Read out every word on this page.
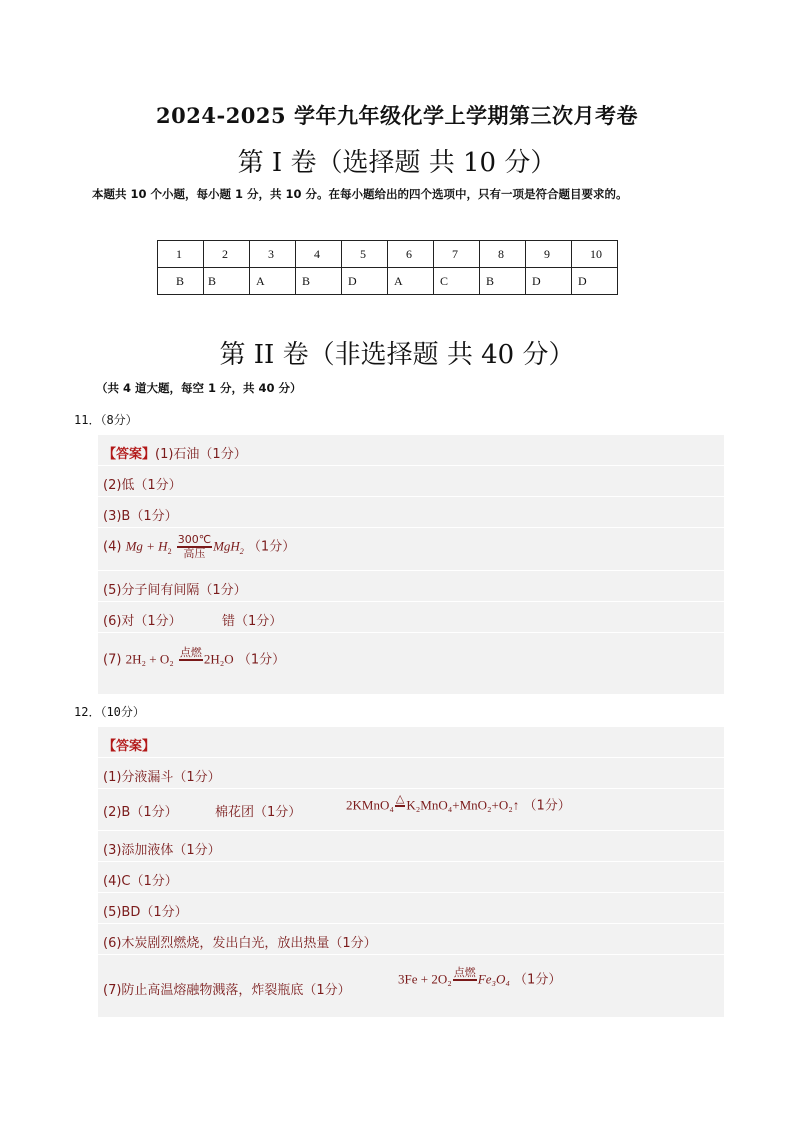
2024-2025 学年九年级化学上学期第三次月考卷
第 I 卷（选择题 共 10 分）
本题共 10 个小题，每小题 1 分，共 10 分。在每小题给出的四个选项中，只有一项是符合题目要求的。
1	2	3	4	5	6	7	8	9	10
B	B	A	B	D	A	C	B	D	D
第 II 卷（非选择题 共 40 分）
（共 4 道大题，每空 1 分，共 40 分）
11．（8分）
【答案】(1)石油（1分）
(2)低（1分）
(3)B（1分）
(4) $Mg + H_2 \frac{300℃}{\text{高压}} MgH_2$ （1分）
(5)分子间有间隔（1分）
(6)对（1分）	错（1分）
(7) 2H₂ + O₂ 点燃
2H₂O （1分）
12．（10分）
【答案】
(1)分液漏斗（1分）
(2)B（1分）	棉花团（1分）	2KMnO₄ △
K₂MnO₄+MnO₂+O₂↑ （1分）
(3)添加液体（1分）
(4)C（1分）
(5)BD（1分）
(6)木炭剧烈燃烧，发出白光，放出热量（1分）
(7)防止高温熔融物溅落，炸裂瓶底（1分）
3Fe + 2O₂ 点燃
Fe₃O₄ （1分）
